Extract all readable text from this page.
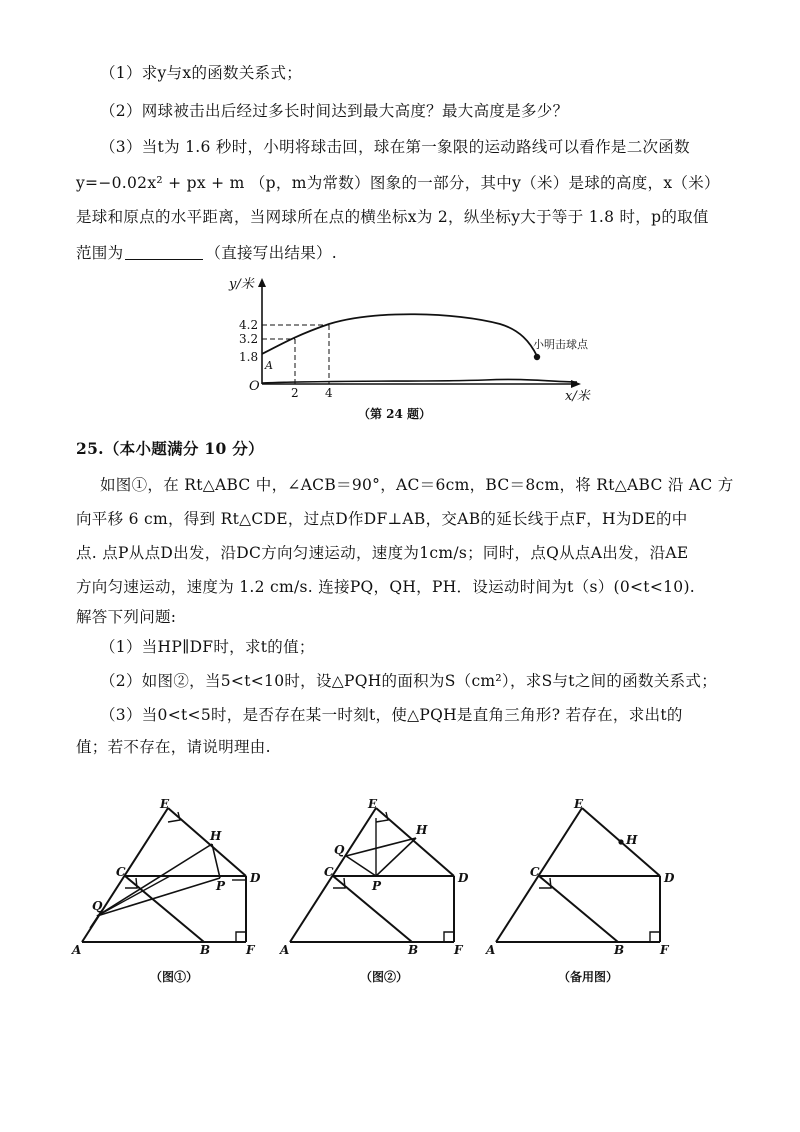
（1）求y与x的函数关系式；
（2）网球被击出后经过多长时间达到最大高度？最大高度是多少？
（3）当t为 1.6 秒时，小明将球击回，球在第一象限的运动路线可以看作是二次函数
y=−0.02x² + px + m （p，m为常数）图象的一部分，其中y（米）是球的高度，x（米）
是球和原点的水平距离，当网球所在点的横坐标x为 2，纵坐标y大于等于 1.8 时，p的取值
范围为	（直接写出结果）.
y/米
x/米
O
A
4.2
3.2
1.8
2 4
小明击球点
（第 24 题）
25.（本小题满分 10 分）
如图①，在 Rt△ABC 中，∠ACB＝90°，AC＝6cm，BC＝8cm，将 Rt△ABC 沿 AC 方
向平移 6 cm，得到 Rt△CDE，过点D作DF⊥AB，交AB的延长线于点F，H为DE的中
点. 点P从点D出发，沿DC方向匀速运动，速度为1cm/s；同时，点Q从点A出发，沿AE
方向匀速运动，速度为 1.2 cm/s. 连接PQ，QH，PH．设运动时间为t（s）(0<t<10).
解答下列问题:
（1）当HP∥DF时，求t的值；
（2）如图②，当5<t<10时，设△PQH的面积为S（cm²），求S与t之间的函数关系式；
（3）当0<t<5时，是否存在某一时刻t，使△PQH是直角三角形? 若存在，求出t的
值；若不存在，请说明理由.
A	B
C	D
E
F
H
P
Q
（图①）
A	B
C	D
E
F
H
P
Q
（图②）
A	B
C	D
E
F
H
（备用图）
